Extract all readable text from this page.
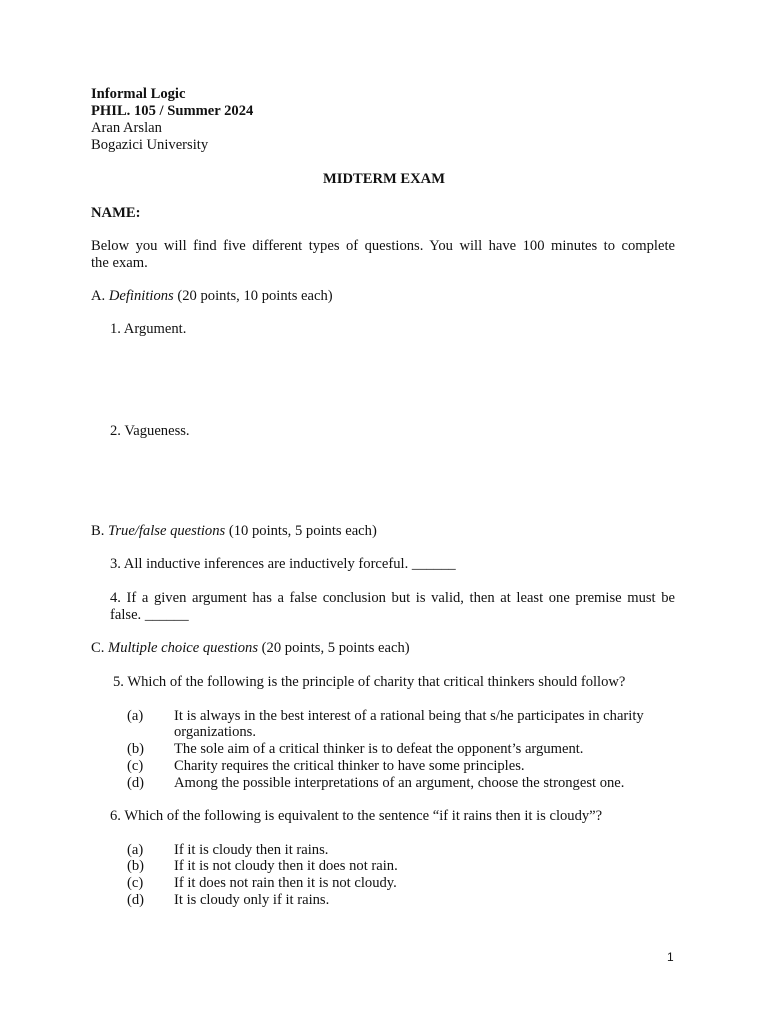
Informal Logic
PHIL. 105 / Summer 2024
Aran Arslan
Bogazici University
MIDTERM EXAM
NAME:
Below you will find five different types of questions. You will have 100 minutes to complete
the exam.
A. Definitions (20 points, 10 points each)
1. Argument.
2. Vagueness.
B. True/false questions (10 points, 5 points each)
3. All inductive inferences are inductively forceful. ______
4. If a given argument has a false conclusion but is valid, then at least one premise must be
false. ______
C. Multiple choice questions (20 points, 5 points each)
5. Which of the following is the principle of charity that critical thinkers should follow?
(a) It is always in the best interest of a rational being that s/he participates in charity
organizations.
(b) The sole aim of a critical thinker is to defeat the opponent’s argument.
(c) Charity requires the critical thinker to have some principles.
(d) Among the possible interpretations of an argument, choose the strongest one.
6. Which of the following is equivalent to the sentence “if it rains then it is cloudy”?
(a) If it is cloudy then it rains.
(b) If it is not cloudy then it does not rain.
(c) If it does not rain then it is not cloudy.
(d) It is cloudy only if it rains.
1
